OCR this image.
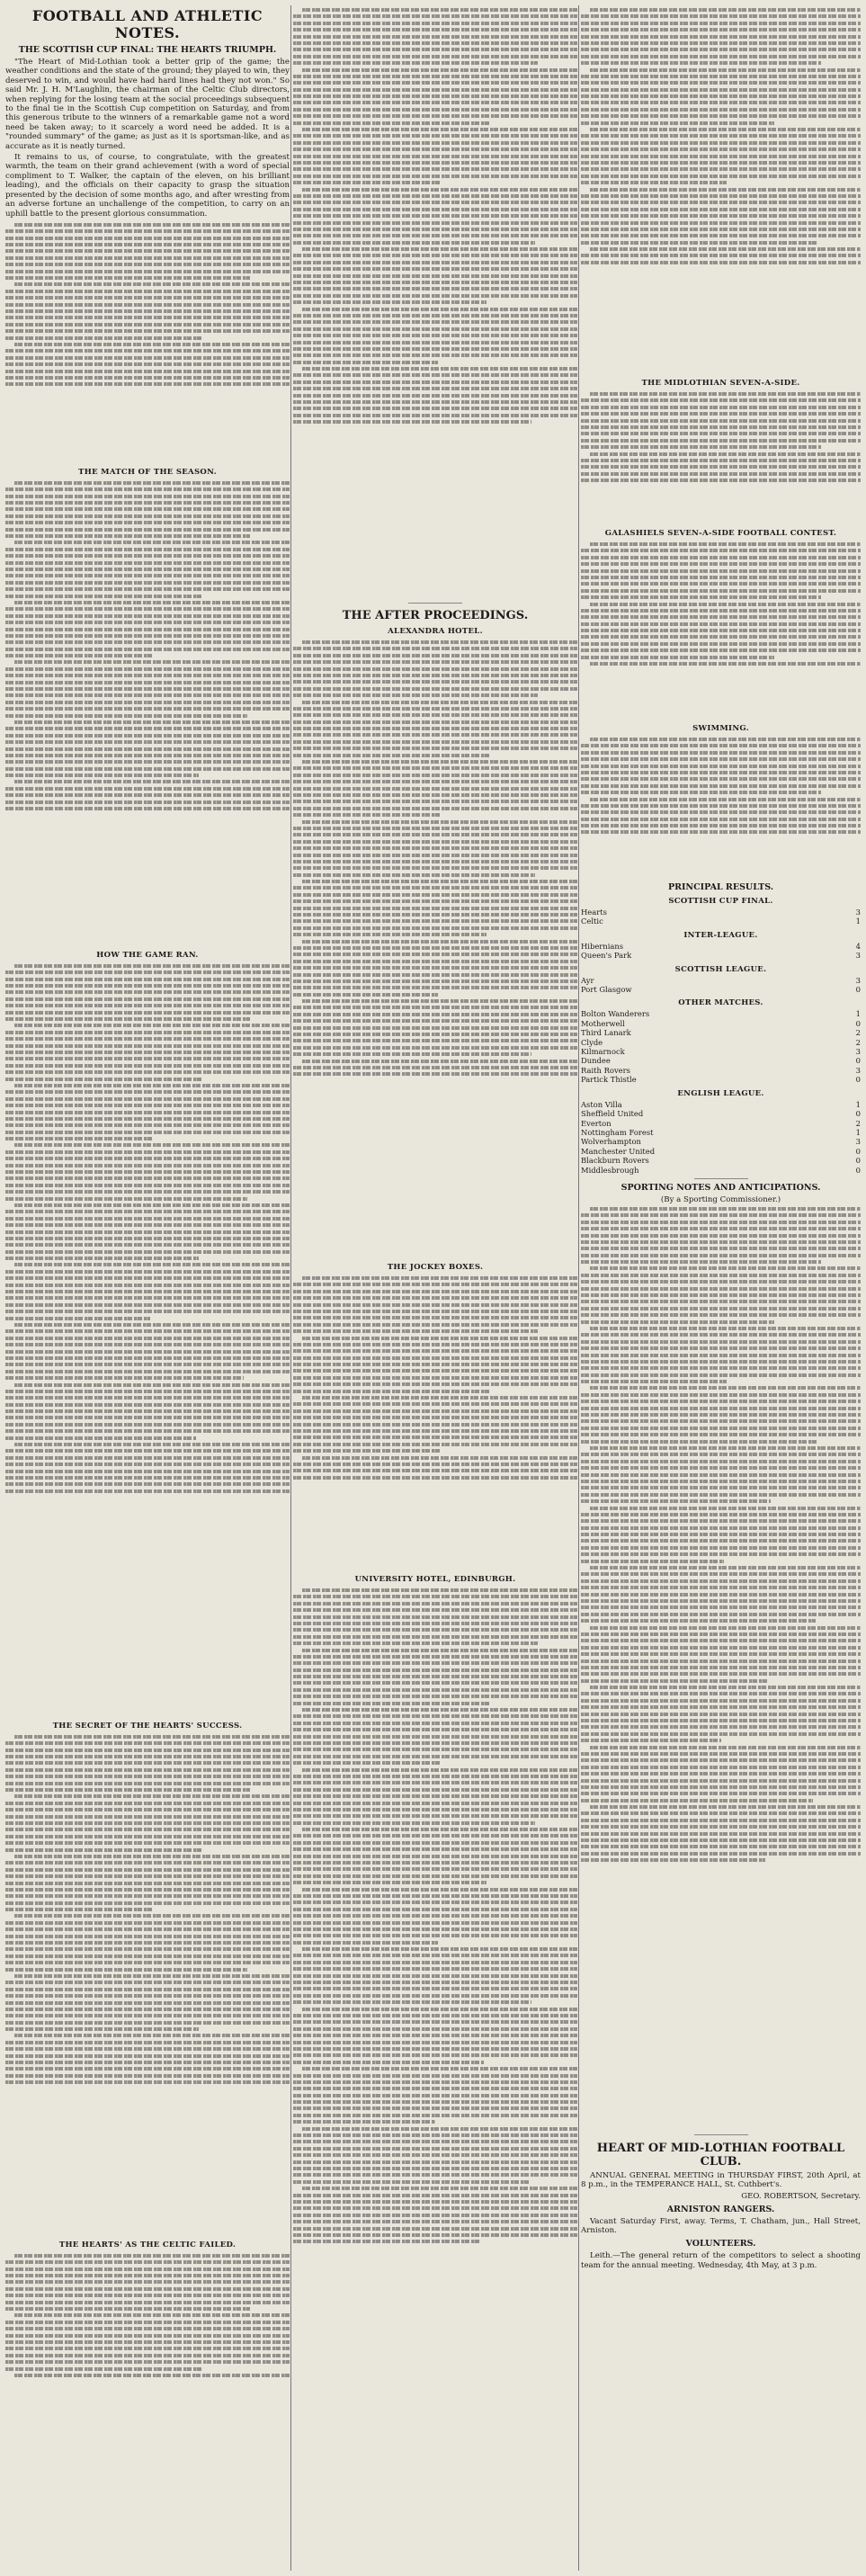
FOOTBALL AND ATHLETIC NOTES.
THE SCOTTISH CUP FINAL: THE HEARTS TRIUMPH.

"The Heart of Mid-Lothian took a better grip of the game; the weather conditions and the state of the ground; they played to win, they deserved to win, and would have had hard lines had they not won." So said Mr. J. H. M'Laughlin, the chairman of the Celtic Club directors, when replying for the losing team at the social proceedings subsequent to the final tie in the Scottish Cup competition on Saturday, and from this generous tribute to the winners of a remarkable game not a word need be taken away; to it scarcely a word need be added. It is a "rounded summary" of the game; as just as it is sportsman-like, and as accurate as it is neatly turned.

It remains to us, of course, to congratulate, with the greatest warmth, the team on their grand achievement (with a word of special compliment to T. Walker, the captain of the eleven, on his brilliant leading), and the officials on their capacity to grasp the situation presented by the decision of some months ago, and after wresting from an adverse fortune an unchallenge of the competition, to carry on an uphill battle to the present glorious consummation.

THE MATCH OF THE SEASON.
HOW THE GAME RAN.
THE SECRET OF THE HEARTS' SUCCESS.
THE HEARTS' AS THE CELTIC FAILED.
THE AFTER PROCEEDINGS.
ALEXANDRA HOTEL.
THE JOCKEY BOXES.
UNIVERSITY HOTEL, EDINBURGH.
THE MIDLOTHIAN SEVEN-A-SIDE.
GALASHIELS SEVEN-A-SIDE FOOTBALL CONTEST.
SWIMMING.
PRINCIPAL RESULTS.
SCOTTISH CUP FINAL.
Hearts	3
Celtic	1
INTER-LEAGUE.
Hibernians	4
Queen's Park	3
SCOTTISH LEAGUE.
Ayr	3
Port Glasgow	0
OTHER MATCHES.
Bolton Wanderers	1
Motherwell	0
Third Lanark	2
Clyde	2
Kilmarnock	3
Dundee	0
Raith Rovers	3
Partick Thistle	0
ENGLISH LEAGUE.
Aston Villa	1
Sheffield United	0
Everton	2
Nottingham Forest	1
Wolverhampton	3
Manchester United	0
Blackburn Rovers	0
Middlesbrough	0
SPORTING NOTES AND ANTICIPATIONS.
(By a Sporting Commissioner.)
HEART OF MID-LOTHIAN FOOTBALL CLUB.

ANNUAL GENERAL MEETING in THURSDAY FIRST, 20th April, at 8 p.m., in the TEMPERANCE HALL, St. Cuthbert's.

GEO. ROBERTSON, Secretary.
ARNISTON RANGERS.

Vacant Saturday First, away. Terms, T. Chatham, jun., Hall Street, Arniston.

VOLUNTEERS.

Leith.—The general return of the competitors to select a shooting team for the annual meeting. Wednesday, 4th May, at 3 p.m.
